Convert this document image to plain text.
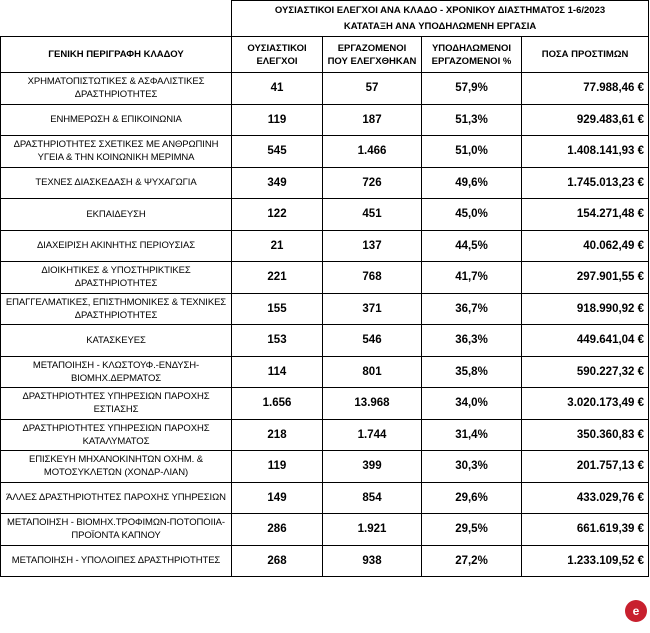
	ΟΥΣΙΑΣΤΙΚΟΙ ΕΛΕΓΧΟΙ ΑΝΑ ΚΛΑΔΟ - ΧΡΟΝΙΚΟΥ ΔΙΑΣΤΗΜΑΤΟΣ 1-6/2023
ΚΑΤΑΤΑΞΗ ΑΝΑ ΥΠΟΔΗΛΩΜΕΝΗ ΕΡΓΑΣΙΑ			

ΓΕΝΙΚΗ ΠΕΡΙΓΡΑΦΗ ΚΛΑΔΟΥ	ΟΥΣΙΑΣΤΙΚΟΙ ΕΛΕΓΧΟΙ	ΕΡΓΑΖΟΜΕΝΟΙ ΠΟΥ ΕΛΕΓΧΘΗΚΑΝ	ΥΠΟΔΗΛΩΜΕΝΟΙ ΕΡΓΑΖΟΜΕΝΟΙ %	ΠΟΣΑ ΠΡΟΣΤΙΜΩΝ
ΧΡΗΜΑΤΟΠΙΣΤΩΤΙΚΕΣ & ΑΣΦΑΛΙΣΤΙΚΕΣ ΔΡΑΣΤΗΡΙΟΤΗΤΕΣ	41	57	57,9%	77.988,46 €
ΕΝΗΜΕΡΩΣΗ & ΕΠΙΚΟΙΝΩΝΙΑ	119	187	51,3%	929.483,61 €
ΔΡΑΣΤΗΡΙΟΤΗΤΕΣ ΣΧΕΤΙΚΕΣ ΜΕ ΑΝΘΡΩΠΙΝΗ ΥΓΕΙΑ & ΤΗΝ ΚΟΙΝΩΝΙΚΗ ΜΕΡΙΜΝΑ	545	1.466	51,0%	1.408.141,93 €
ΤΕΧΝΕΣ ΔΙΑΣΚΕΔΑΣΗ & ΨΥΧΑΓΩΓΙΑ	349	726	49,6%	1.745.013,23 €
ΕΚΠΑΙΔΕΥΣΗ	122	451	45,0%	154.271,48 €
ΔΙΑΧΕΙΡΙΣΗ ΑΚΙΝΗΤΗΣ ΠΕΡΙΟΥΣΙΑΣ	21	137	44,5%	40.062,49 €
ΔΙΟΙΚΗΤΙΚΕΣ & ΥΠΟΣΤΗΡΙΚΤΙΚΕΣ ΔΡΑΣΤΗΡΙΟΤΗΤΕΣ	221	768	41,7%	297.901,55 €
ΕΠΑΓΓΕΛΜΑΤΙΚΕΣ, ΕΠΙΣΤΗΜΟΝΙΚΕΣ & ΤΕΧΝΙΚΕΣ ΔΡΑΣΤΗΡΙΟΤΗΤΕΣ	155	371	36,7%	918.990,92 €
ΚΑΤΑΣΚΕΥΕΣ	153	546	36,3%	449.641,04 €
ΜΕΤΑΠΟΙΗΣΗ - ΚΛΩΣΤΟΥΦ.-ΕΝΔΥΣΗ-ΒΙΟΜΗΧ.ΔΕΡΜΑΤΟΣ	114	801	35,8%	590.227,32 €
ΔΡΑΣΤΗΡΙΟΤΗΤΕΣ ΥΠΗΡΕΣΙΩΝ ΠΑΡΟΧΗΣ ΕΣΤΙΑΣΗΣ	1.656	13.968	34,0%	3.020.173,49 €
ΔΡΑΣΤΗΡΙΟΤΗΤΕΣ ΥΠΗΡΕΣΙΩΝ ΠΑΡΟΧΗΣ ΚΑΤΑΛΥΜΑΤΟΣ	218	1.744	31,4%	350.360,83 €
ΕΠΙΣΚΕΥΗ ΜΗΧΑΝΟΚΙΝΗΤΩΝ ΟΧΗΜ. & ΜΟΤΟΣΥΚΛΕΤΩΝ (ΧΟΝΔΡ-ΛΙΑΝ)	119	399	30,3%	201.757,13 €
ΆΛΛΕΣ ΔΡΑΣΤΗΡΙΟΤΗΤΕΣ ΠΑΡΟΧΗΣ ΥΠΗΡΕΣΙΩΝ	149	854	29,6%	433.029,76 €
ΜΕΤΑΠΟΙΗΣΗ - ΒΙΟΜΗΧ.ΤΡΟΦΙΜΩΝ-ΠΟΤΟΠΟΙΙΑ-ΠΡΟΪΟΝΤΑ ΚΑΠΝΟΥ	286	1.921	29,5%	661.619,39 €
ΜΕΤΑΠΟΙΗΣΗ - ΥΠΟΛΟΙΠΕΣ ΔΡΑΣΤΗΡΙΟΤΗΤΕΣ	268	938	27,2%	1.233.109,52 €
e
